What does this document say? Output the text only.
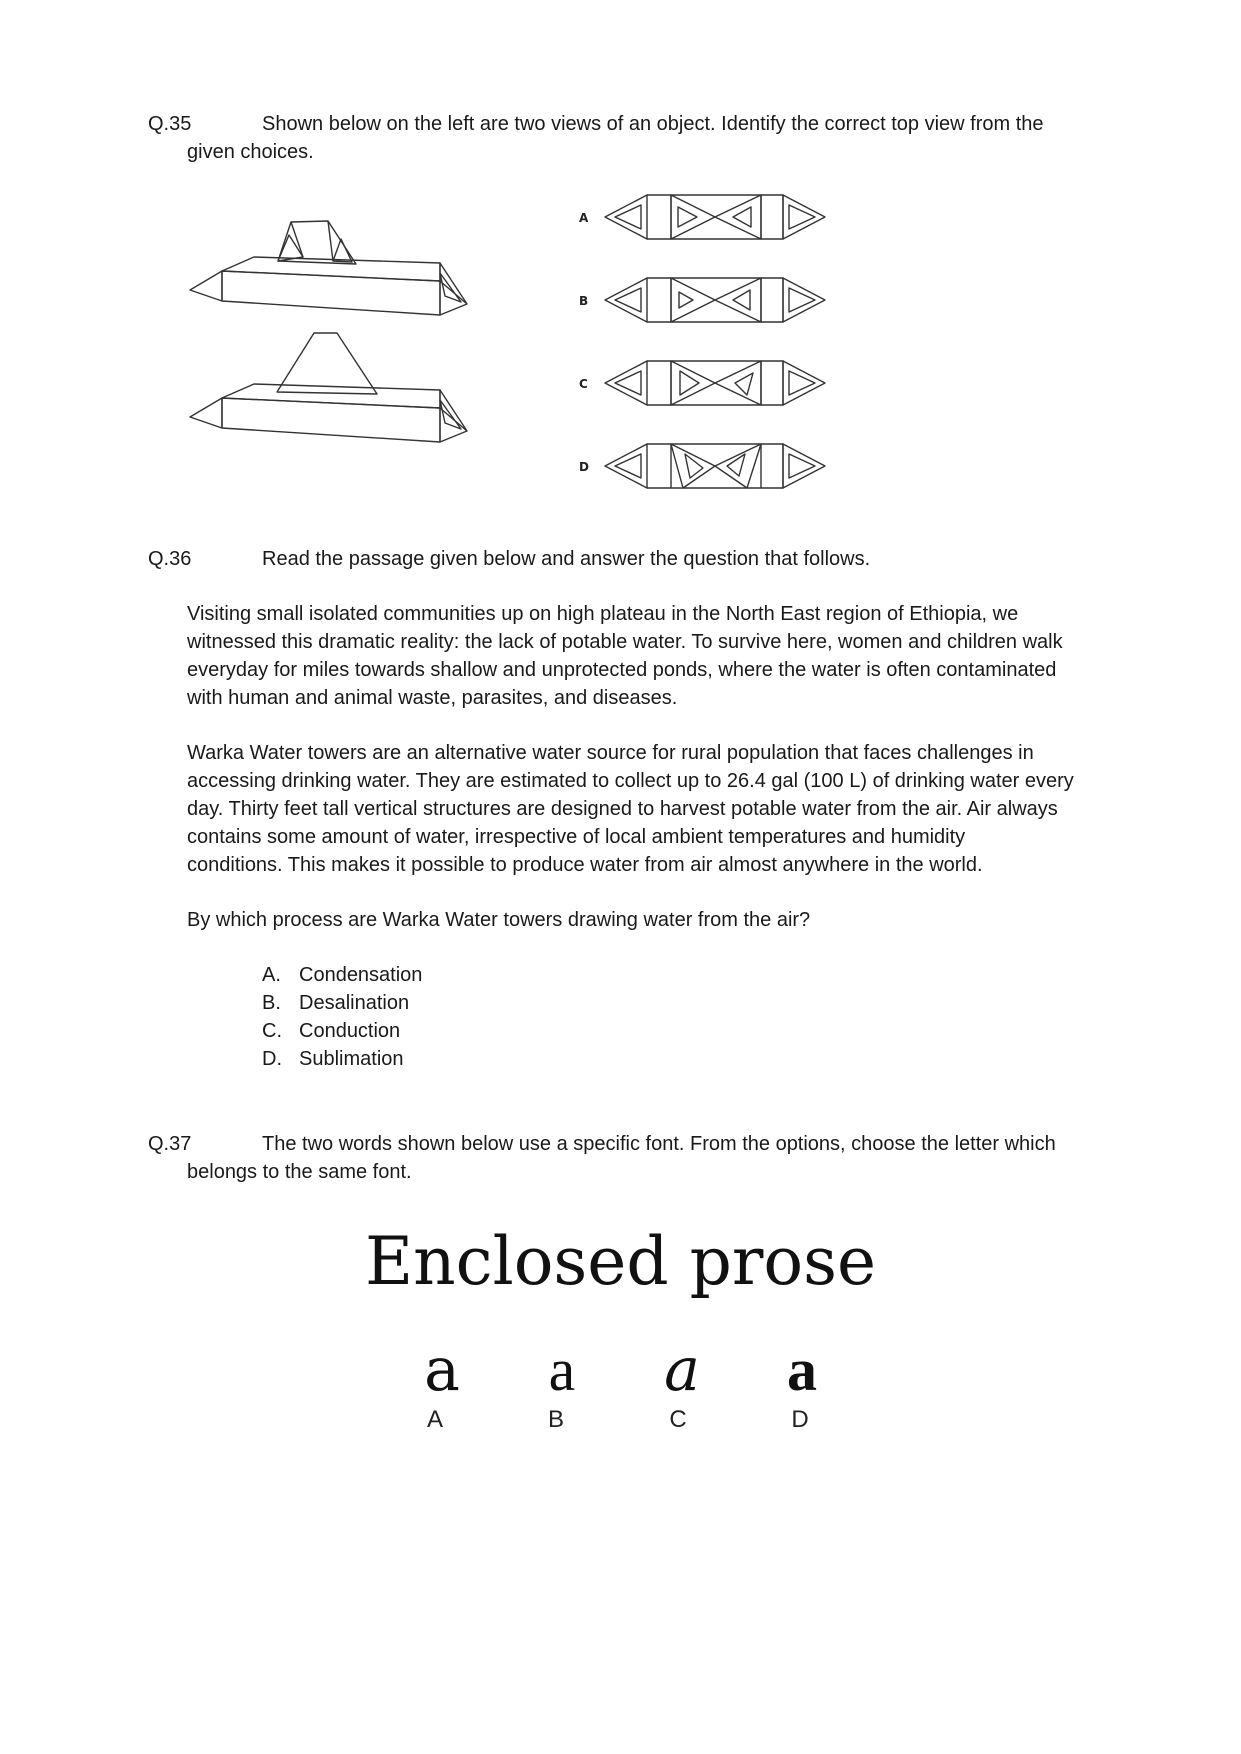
Q.35	Shown below on the left are two views of an object. Identify the correct top view from the
given choices.
A
B
C
D
Q.36	Read the passage given below and answer the question that follows.

Visiting small isolated communities up on high plateau in the North East region of Ethiopia, we

witnessed this dramatic reality: the lack of potable water. To survive here, women and children walk

everyday for miles towards shallow and unprotected ponds, where the water is often contaminated

with human and animal waste, parasites, and diseases.

Warka Water towers are an alternative water source for rural population that faces challenges in

accessing drinking water. They are estimated to collect up to 26.4 gal (100 L) of drinking water every

day. Thirty feet tall vertical structures are designed to harvest potable water from the air. Air always

contains some amount of water, irrespective of local ambient temperatures and humidity

conditions. This makes it possible to produce water from air almost anywhere in the world.

By which process are Warka Water towers drawing water from the air?
A. Condensation
B. Desalination
C. Conduction
D. Sublimation
Q.37	The two words shown below use a specific font. From the options, choose the letter which
belongs to the same font.
Enclosed prose
a	a	a	a
A	B	C	D
